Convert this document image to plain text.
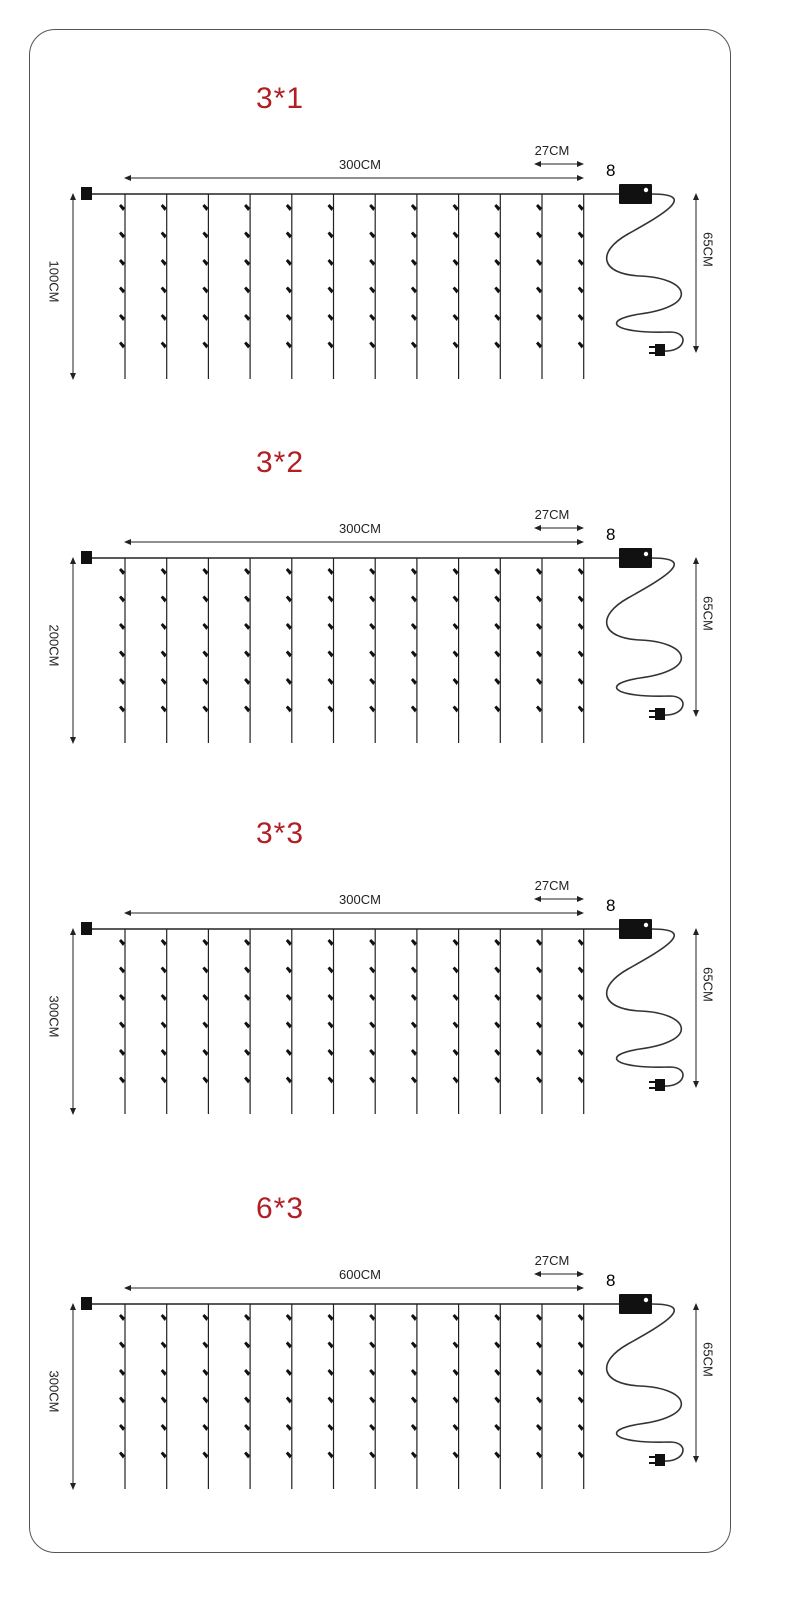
3*1
300CM
27CM
8
100CM
65CM
3*2
300CM
27CM
8
200CM
65CM
3*3
300CM
27CM
8
300CM
65CM
6*3
600CM
27CM
8
300CM
65CM
